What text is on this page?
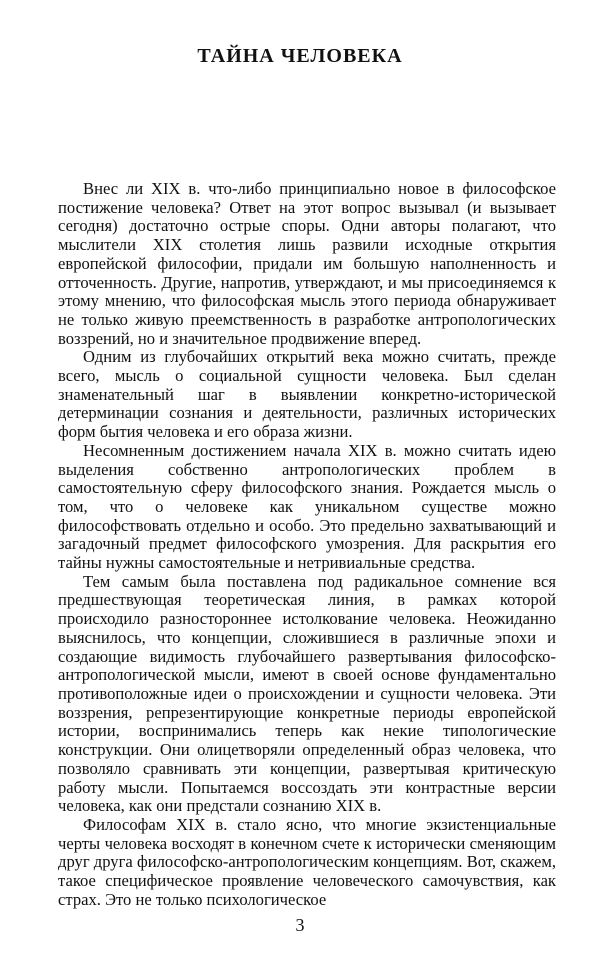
ТАЙНА ЧЕЛОВЕКА

Внес ли XIX в. что-либо принципиально новое в философское постижение человека? Ответ на этот вопрос вызывал (и вызывает сегодня) достаточно острые споры. Одни авторы полагают, что мыслители XIX столетия лишь развили исходные открытия европейской философии, придали им большую наполненность и отточенность. Другие, напротив, утверждают, и мы присоединяемся к этому мнению, что философская мысль этого периода обнаруживает не только живую преемственность в разработке антропологических воззрений, но и значительное продвижение вперед.

Одним из глубочайших открытий века можно считать, прежде всего, мысль о социальной сущности человека. Был сделан знаменательный шаг в выявлении конкретно-исторической детерминации сознания и деятельности, различных исторических форм бытия человека и его образа жизни.

Несомненным достижением начала XIX в. можно считать идею выделения собственно антропологических проблем в самостоятельную сферу философского знания. Рождается мысль о том, что о человеке как уникальном существе можно философствовать отдельно и особо. Это предельно захватывающий и загадочный предмет философского умозрения. Для раскрытия его тайны нужны самостоятельные и нетривиальные средства.

Тем самым была поставлена под радикальное сомнение вся предшествующая теоретическая линия, в рамках которой происходило разностороннее истолкование человека. Неожиданно выяснилось, что концепции, сложившиеся в различные эпохи и создающие видимость глубочайшего развертывания философско-антропологической мысли, имеют в своей основе фундаментально противоположные идеи о происхождении и сущности человека. Эти воззрения, репрезентирующие конкретные периоды европейской истории, воспринимались теперь как некие типологические конструкции. Они олицетворяли определенный образ человека, что позволяло сравнивать эти концепции, развертывая критическую работу мысли. Попытаемся воссоздать эти контрастные версии человека, как они предстали сознанию XIX в.

Философам XIX в. стало ясно, что многие экзистенциальные черты человека восходят в конечном счете к исторически сменяющим друг друга философско-антропологическим концепциям. Вот, скажем, такое специфическое проявление человеческого самочувствия, как страх. Это не только психологическое

3
